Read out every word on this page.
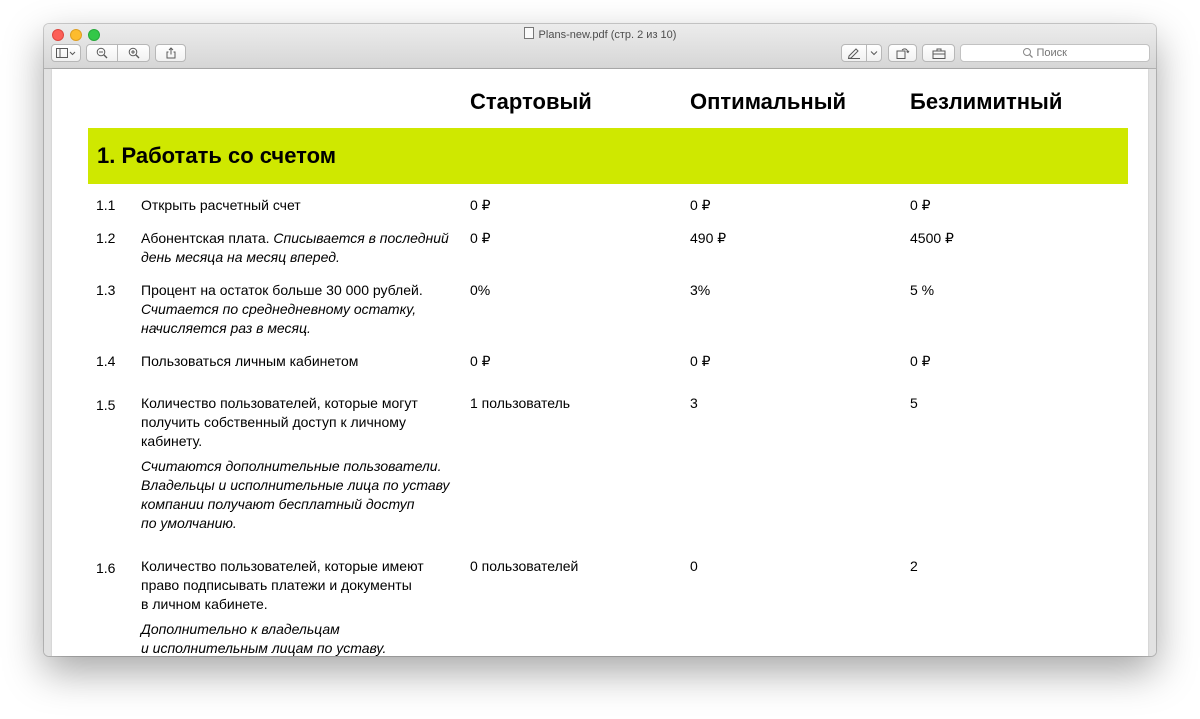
Plans-new.pdf (стр. 2 из 10)
Поиск
Стартовый	Оптимальный	Безлимитный
1. Работать со счетом
1.1 Открыть расчетный счет	0 ₽	0 ₽	0 ₽
1.2 Абонентская плата. Списывается в последний
день месяца на месяц вперед.
0 ₽	490 ₽	4500 ₽
1.3 Процент на остаток больше 30 000 рублей.
Считается по среднедневному остатку,
начисляется раз в месяц.
0%	3%	5 %
1.4 Пользоваться личным кабинетом	0 ₽	0 ₽	0 ₽
1.5 Количество пользователей, которые могут
получить собственный доступ к личному
кабинету.
Считаются дополнительные пользователи.
Владельцы и исполнительные лица по уставу
компании получают бесплатный доступ
по умолчанию.
1 пользователь	3	5
1.6 Количество пользователей, которые имеют
право подписывать платежи и документы
в личном кабинете.
Дополнительно к владельцам
и исполнительным лицам по уставу.
0 пользователей	0	2
